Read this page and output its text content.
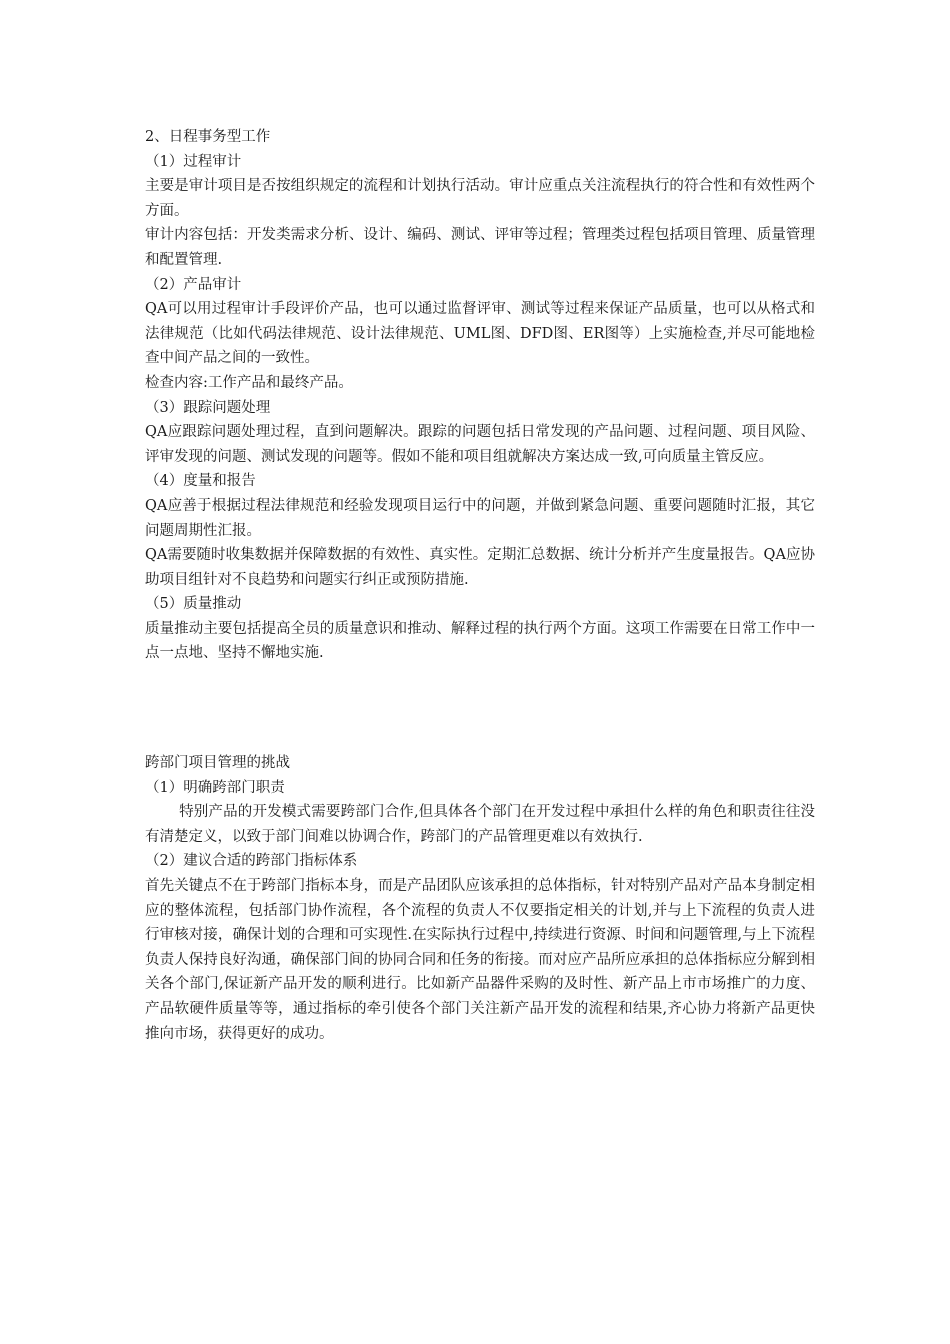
2、日程事务型工作

（1）过程审计

主要是审计项目是否按组织规定的流程和计划执行活动。审计应重点关注流程执行的符合性和有效性两个方面。

审计内容包括：开发类需求分析、设计、编码、测试、评审等过程；管理类过程包括项目管理、质量管理和配置管理.

（2）产品审计

QA可以用过程审计手段评价产品，也可以通过监督评审、测试等过程来保证产品质量，也可以从格式和法律规范（比如代码法律规范、设计法律规范、UML图、DFD图、ER图等）上实施检查,并尽可能地检查中间产品之间的一致性。

检查内容:工作产品和最终产品。

（3）跟踪问题处理

QA应跟踪问题处理过程，直到问题解决。跟踪的问题包括日常发现的产品问题、过程问题、项目风险、评审发现的问题、测试发现的问题等。假如不能和项目组就解决方案达成一致,可向质量主管反应。

（4）度量和报告

QA应善于根据过程法律规范和经验发现项目运行中的问题，并做到紧急问题、重要问题随时汇报，其它问题周期性汇报。

QA需要随时收集数据并保障数据的有效性、真实性。定期汇总数据、统计分析并产生度量报告。QA应协助项目组针对不良趋势和问题实行纠正或预防措施.

（5）质量推动

质量推动主要包括提高全员的质量意识和推动、解释过程的执行两个方面。这项工作需要在日常工作中一点一点地、坚持不懈地实施.

跨部门项目管理的挑战

（1）明确跨部门职责

特别产品的开发模式需要跨部门合作,但具体各个部门在开发过程中承担什么样的角色和职责往往没有清楚定义，以致于部门间难以协调合作，跨部门的产品管理更难以有效执行.

（2）建议合适的跨部门指标体系

首先关键点不在于跨部门指标本身，而是产品团队应该承担的总体指标，针对特别产品对产品本身制定相应的整体流程，包括部门协作流程，各个流程的负责人不仅要指定相关的计划,并与上下流程的负责人进行审核对接，确保计划的合理和可实现性.在实际执行过程中,持续进行资源、时间和问题管理,与上下流程负责人保持良好沟通，确保部门间的协同合同和任务的衔接。而对应产品所应承担的总体指标应分解到相关各个部门,保证新产品开发的顺利进行。比如新产品器件采购的及时性、新产品上市市场推广的力度、产品软硬件质量等等，通过指标的牵引使各个部门关注新产品开发的流程和结果,齐心协力将新产品更快推向市场，获得更好的成功。
